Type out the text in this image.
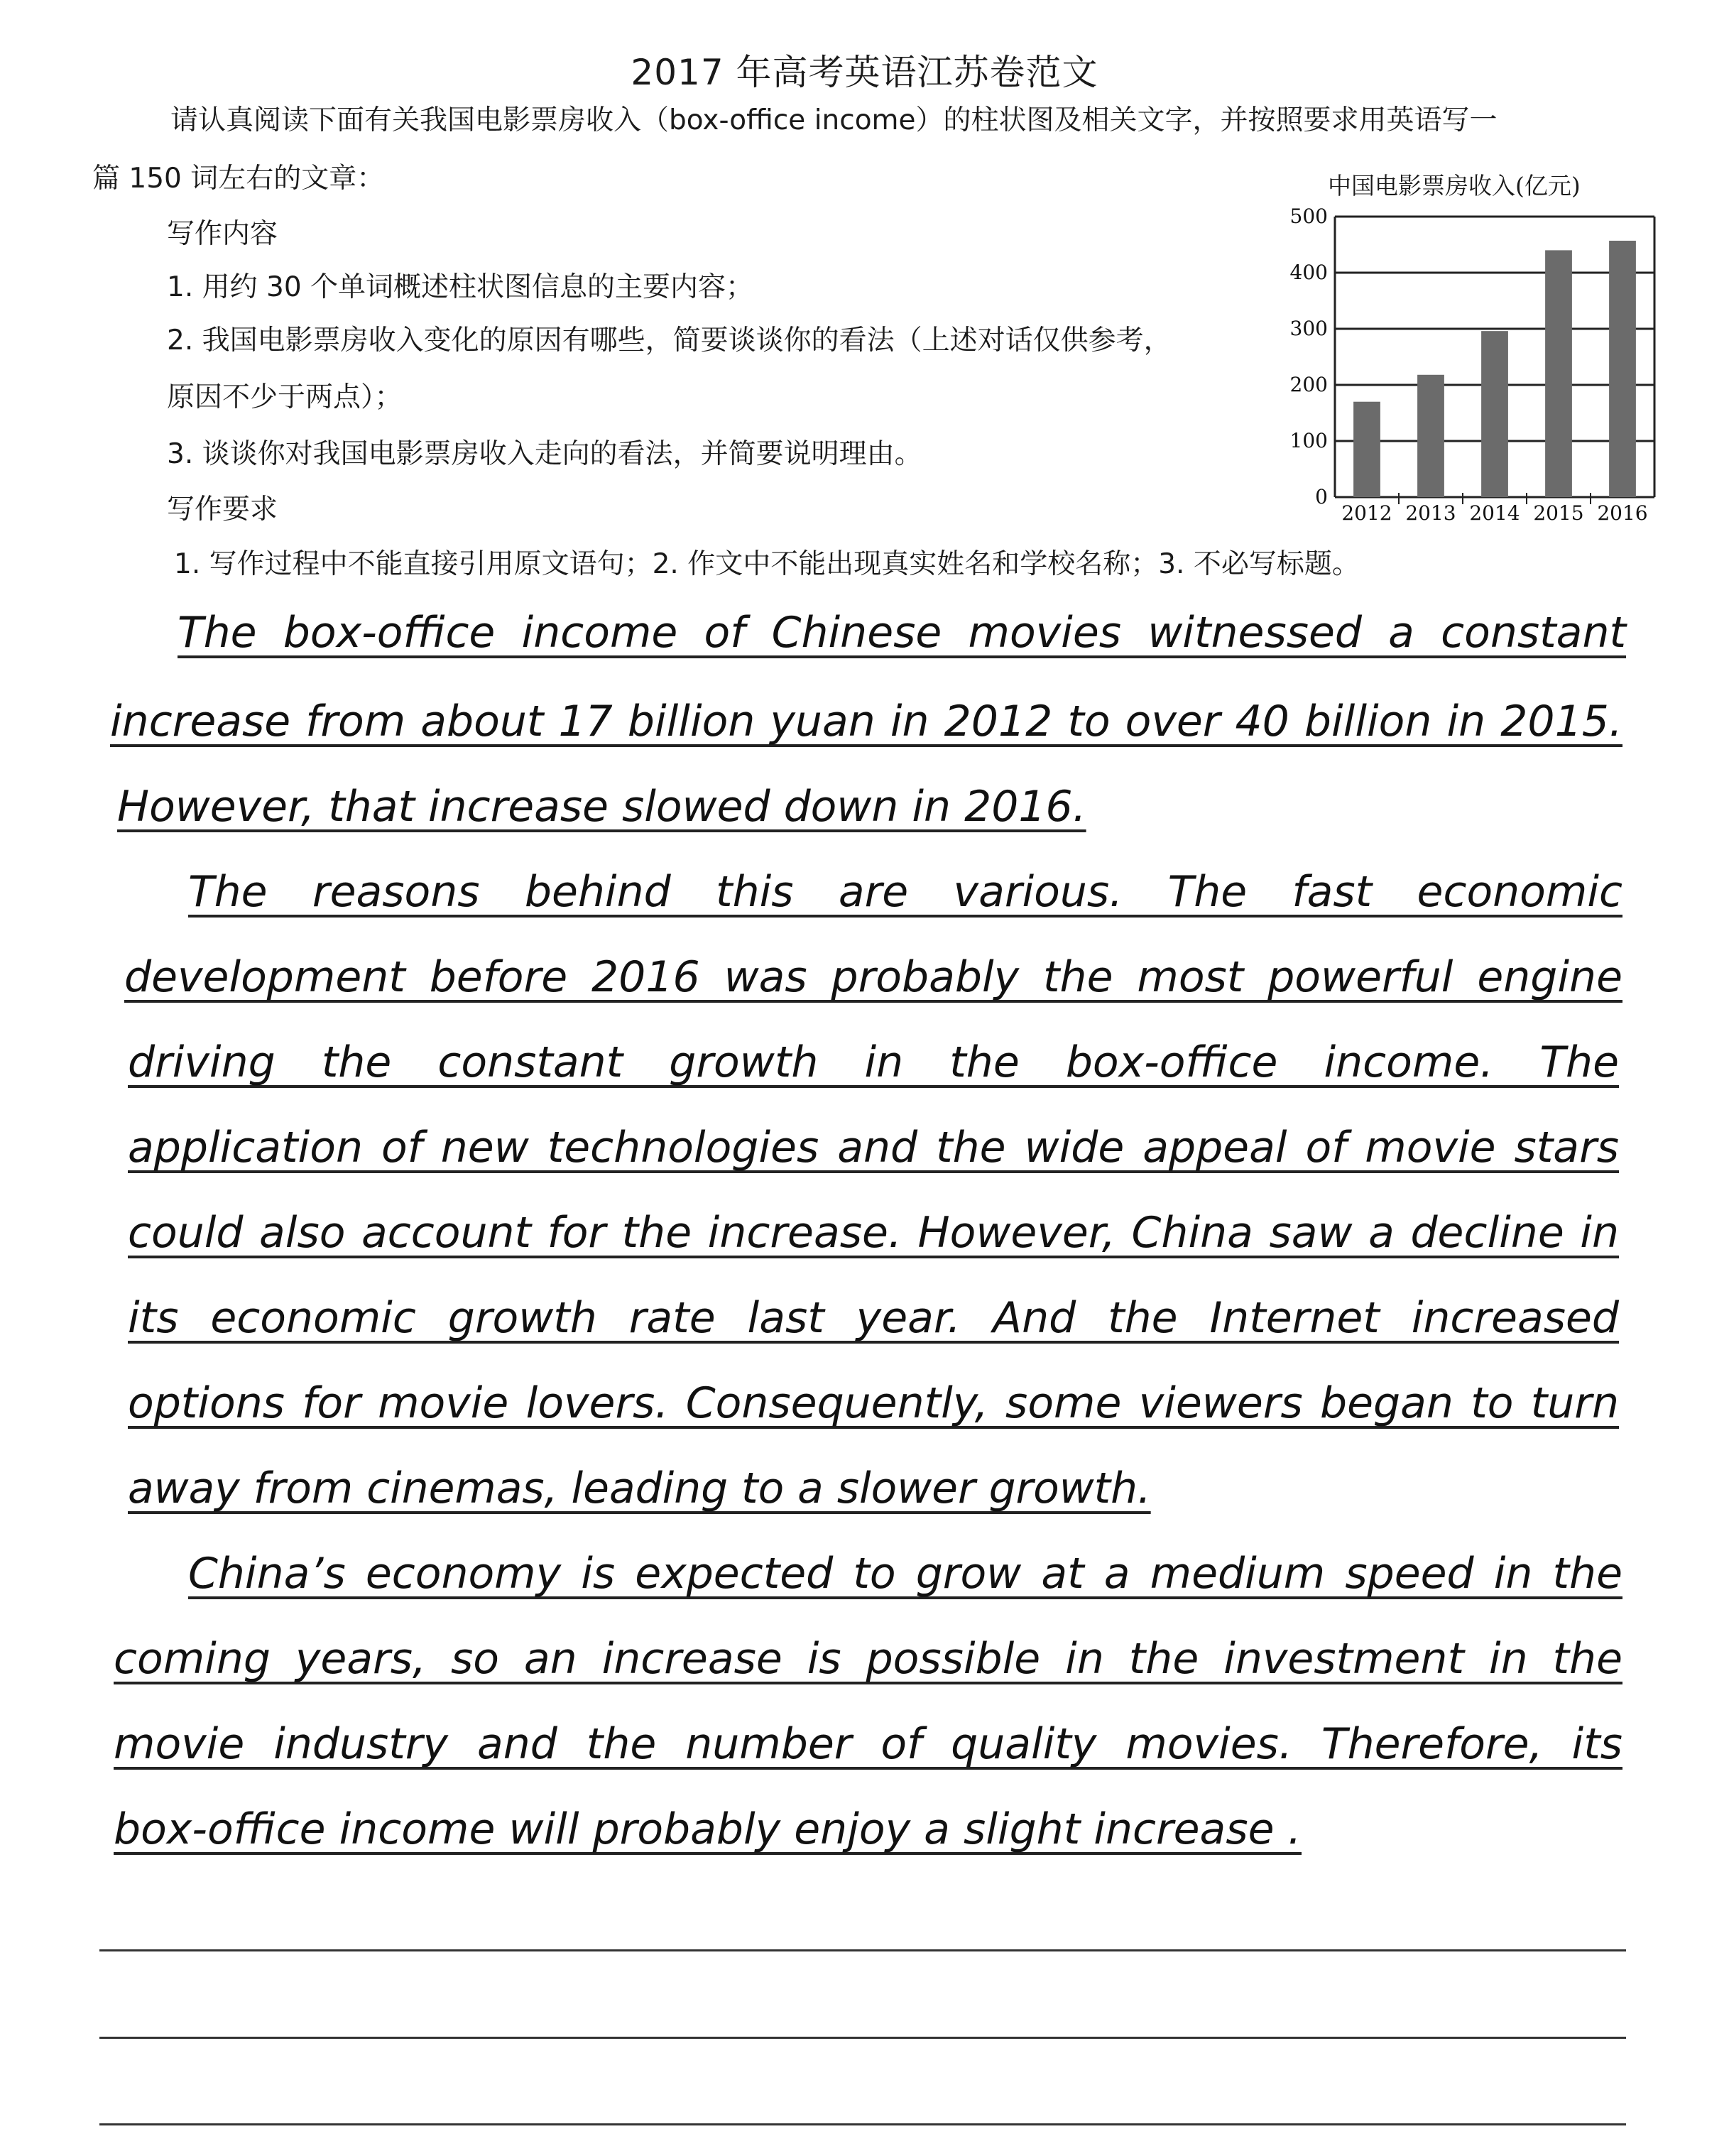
2017 年高考英语江苏卷范文
请认真阅读下面有关我国电影票房收入（box-office income）的柱状图及相关文字，并按照要求用英语写一
篇 150 词左右的文章：
写作内容
1. 用约 30 个单词概述柱状图信息的主要内容；
2. 我国电影票房收入变化的原因有哪些，简要谈谈你的看法（上述对话仅供参考，
原因不少于两点）；
3. 谈谈你对我国电影票房收入走向的看法，并简要说明理由。
写作要求
1. 写作过程中不能直接引用原文语句；2. 作文中不能出现真实姓名和学校名称；3. 不必写标题。
中国电影票房收入(亿元)
0
100
200
300
400
500
2012 2013 2014 2015 2016
The box-office income of Chinese movies witnessed a constant
increase from about 17 billion yuan in 2012 to over 40 billion in 2015.
However, that increase slowed down in 2016.
The reasons behind this are various. The fast economic
development before 2016 was probably the most powerful engine
driving the constant growth in the box-office income. The
application of new technologies and the wide appeal of movie stars
could also account for the increase. However, China saw a decline in
its economic growth rate last year. And the Internet increased
options for movie lovers. Consequently, some viewers began to turn
away from cinemas, leading to a slower growth.
China’s economy is expected to grow at a medium speed in the
coming years, so an increase is possible in the investment in the
movie industry and the number of quality movies. Therefore, its
box-office income will probably enjoy a slight increase .
